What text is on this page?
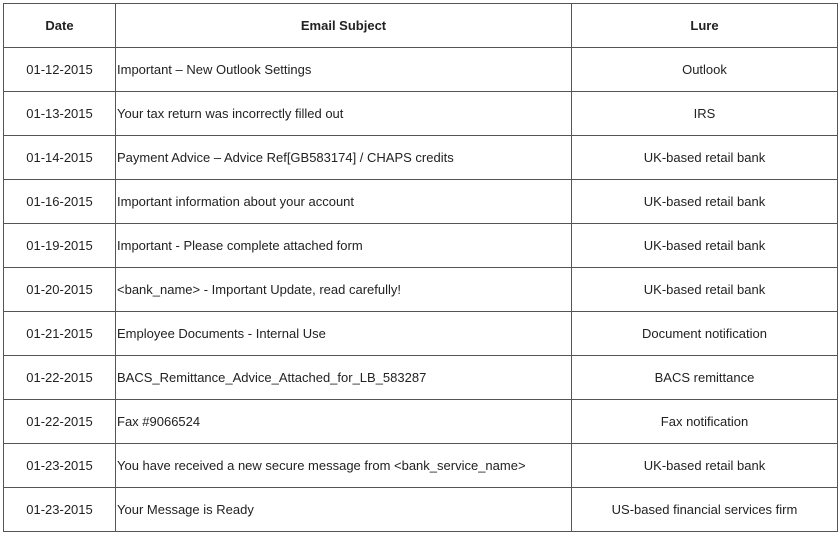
Date	Email Subject	Lure
01-12-2015	Important – New Outlook Settings	Outlook
01-13-2015	Your tax return was incorrectly filled out	IRS
01-14-2015	Payment Advice – Advice Ref[GB583174] / CHAPS credits	UK-based retail bank
01-16-2015	Important information about your account	UK-based retail bank
01-19-2015	Important - Please complete attached form	UK-based retail bank
01-20-2015	<bank_name> - Important Update, read carefully!	UK-based retail bank
01-21-2015	Employee Documents - Internal Use	Document notification
01-22-2015	BACS_Remittance_Advice_Attached_for_LB_583287	BACS remittance
01-22-2015	Fax #9066524	Fax notification
01-23-2015	You have received a new secure message from <bank_service_name>	UK-based retail bank
01-23-2015	Your Message is Ready	US-based financial services firm
